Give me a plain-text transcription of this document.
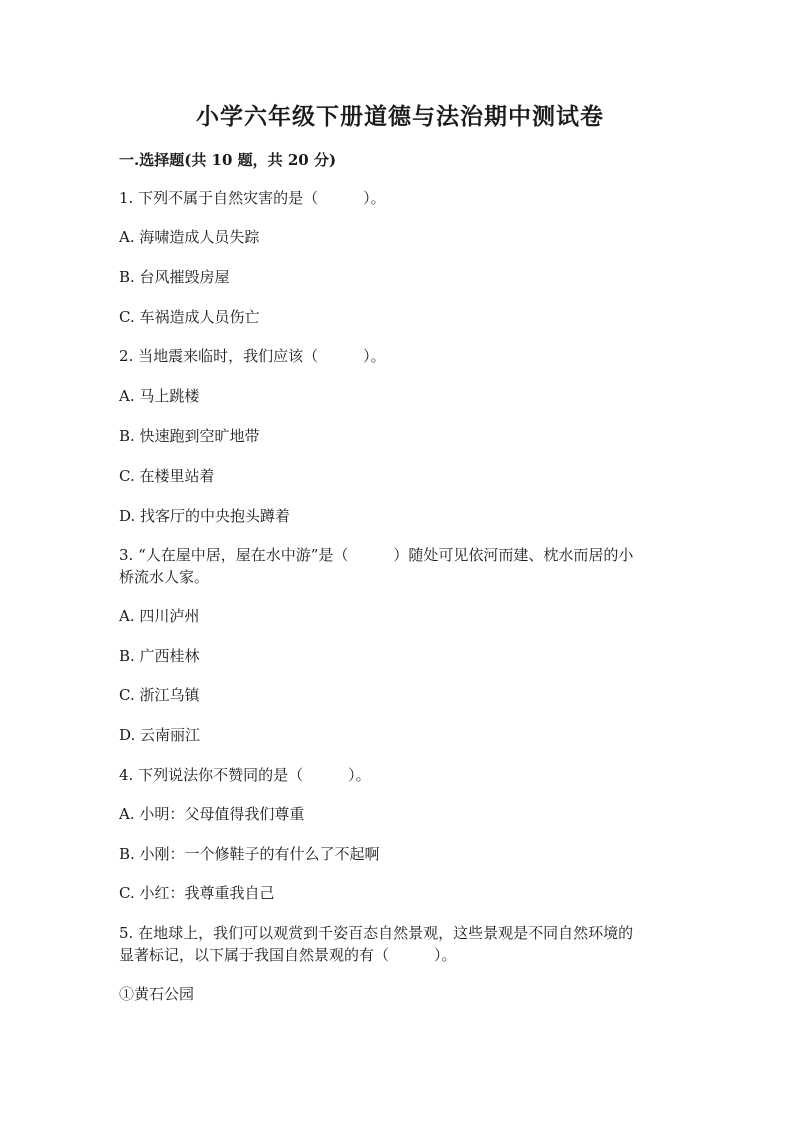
小学六年级下册道德与法治期中测试卷
一.选择题(共 10 题，共 20 分)
1. 下列不属于自然灾害的是（　　　）。
A. 海啸造成人员失踪
B. 台风摧毁房屋
C. 车祸造成人员伤亡
2. 当地震来临时，我们应该（　　　）。
A. 马上跳楼
B. 快速跑到空旷地带
C. 在楼里站着
D. 找客厅的中央抱头蹲着
3. “人在屋中居，屋在水中游”是（　　　）随处可见依河而建、枕水而居的小
桥流水人家。
A. 四川泸州
B. 广西桂林
C. 浙江乌镇
D. 云南丽江
4. 下列说法你不赞同的是（　　　）。
A. 小明：父母值得我们尊重
B. 小刚：一个修鞋子的有什么了不起啊
C. 小红：我尊重我自己
5. 在地球上，我们可以观赏到千姿百态自然景观，这些景观是不同自然环境的
显著标记，以下属于我国自然景观的有（　　　）。
①黄石公园
